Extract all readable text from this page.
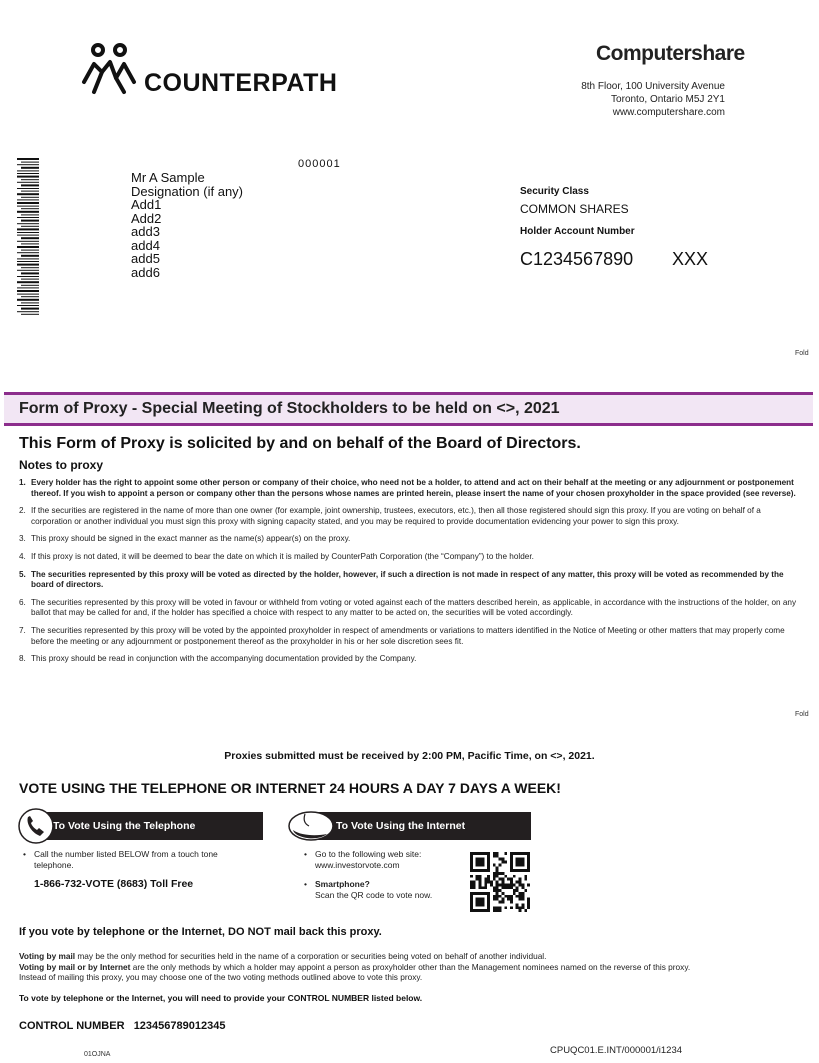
COUNTERPATH
Computershare
8th Floor, 100 University Avenue
Toronto, Ontario M5J 2Y1
www.computershare.com
000001
Mr A Sample
Designation (if any)
Add1
Add2
add3
add4
add5
add6
Security Class
COMMON SHARES
Holder Account Number
C1234567890 XXX
Fold
Form of Proxy - Special Meeting of Stockholders to be held on <>, 2021
This Form of Proxy is solicited by and on behalf of the Board of Directors.
Notes to proxy
1. Every holder has the right to appoint some other person or company of their choice, who need not be a holder, to attend and act on their behalf at the meeting or any adjournment or postponement thereof. If you wish to appoint a person or company other than the persons whose names are printed herein, please insert the name of your chosen proxyholder in the space provided (see reverse).
2. If the securities are registered in the name of more than one owner (for example, joint ownership, trustees, executors, etc.), then all those registered should sign this proxy. If you are voting on behalf of a corporation or another individual you must sign this proxy with signing capacity stated, and you may be required to provide documentation evidencing your power to sign this proxy.
3. This proxy should be signed in the exact manner as the name(s) appear(s) on the proxy.
4. If this proxy is not dated, it will be deemed to bear the date on which it is mailed by CounterPath Corporation (the “Company”) to the holder.
5. The securities represented by this proxy will be voted as directed by the holder, however, if such a direction is not made in respect of any matter, this proxy will be voted as recommended by the board of directors.
6. The securities represented by this proxy will be voted in favour or withheld from voting or voted against each of the matters described herein, as applicable, in accordance with the instructions of the holder, on any ballot that may be called for and, if the holder has specified a choice with respect to any matter to be acted on, the securities will be voted accordingly.
7. The securities represented by this proxy will be voted by the appointed proxyholder in respect of amendments or variations to matters identified in the Notice of Meeting or other matters that may properly come before the meeting or any adjournment or postponement thereof as the proxyholder in his or her sole discretion sees fit.
8. This proxy should be read in conjunction with the accompanying documentation provided by the Company.
Fold
Proxies submitted must be received by 2:00 PM, Pacific Time, on <>, 2021.
VOTE USING THE TELEPHONE OR INTERNET 24 HOURS A DAY 7 DAYS A WEEK!
To Vote Using the Telephone
• Call the number listed BELOW from a touch tone telephone.
1-866-732-VOTE (8683) Toll Free
To Vote Using the Internet
• Go to the following web site:
www.investorvote.com
• Smartphone?
Scan the QR code to vote now.
If you vote by telephone or the Internet, DO NOT mail back this proxy.
Voting by mail may be the only method for securities held in the name of a corporation or securities being voted on behalf of another individual.
Voting by mail or by Internet are the only methods by which a holder may appoint a person as proxyholder other than the Management nominees named on the reverse of this proxy.
Instead of mailing this proxy, you may choose one of the two voting methods outlined above to vote this proxy.
To vote by telephone or the Internet, you will need to provide your CONTROL NUMBER listed below.
CONTROL NUMBER 123456789012345
01OJNA	CPUQC01.E.INT/000001/i1234
